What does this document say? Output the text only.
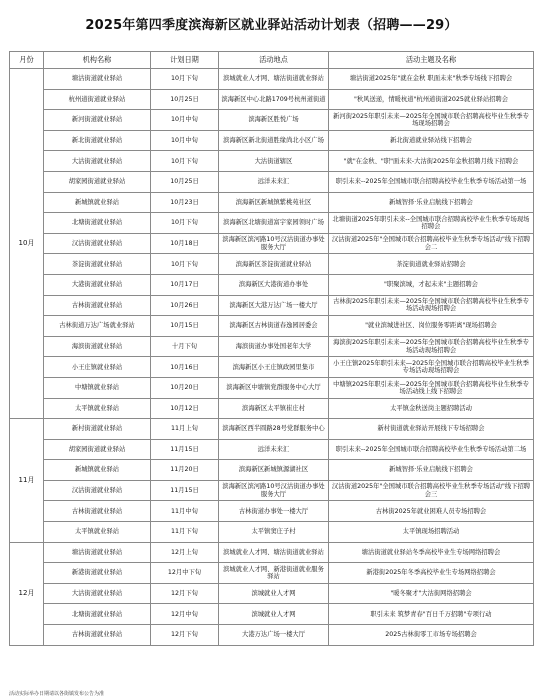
2025年第四季度滨海新区就业驿站活动计划表（招聘——29）
月份	机构名称	计划日期	活动地点	活动主题及名称
10月	塘沽街道就业驿站	10月下旬	滨城就业人才网、塘沽街道就业驿站	塘沽街道2025年"就在金秋 职面未来"秋季专场线下招聘会
	杭州道街道就业驿站	10月25日	滨海新区中心北路1709号杭州道街道	"秋风送递，情暖杭道"杭州道街道2025就业驿站招聘会
	新河街道就业驿站	10月中旬	滨海新区胜悦广场	新河街2025年职引未来—2025年全国城市联合招聘高校毕业生秋季专场现场招聘会
	新北街道就业驿站	10月中旬	滨海新区新北街道胜缘尚北小区广场	新北街道就业驿站线下招聘会
	大沽街道就业驿站	10月下旬	大沽街道辖区	"就"在金秋、"职"面未来-大沽街2025年金秋招聘月线下招聘会
	胡家园街道就业驿站	10月25日	远洋未来汇	职引未来--2025年全国城市联合招聘高校毕业生秋季专场活动第一场
	新城镇就业驿站	10月23日	滨海新区新城镇紫桃苑社区	新城智择·乐业启航线下招聘会
	北塘街道就业驿站	10月下旬	滨海新区北塘街道富宇家园领时广场	北塘街道2025年职引未来--全国城市联合招聘高校毕业生秋季专场现场招聘会
	汉沽街道就业驿站	10月18日	滨海新区滨河路10号汉沽街道办事处服务大厅	汉沽街道2025年"全国城市联合招聘高校毕业生秋季专场活动"线下招聘会二
	茶淀街道就业驿站	10月下旬	滨海新区茶淀街道就业驿站	茶淀街道就业驿站招聘会
	大港街道就业驿站	10月17日	滨海新区大港街道办事处	"职聚滨城，才起未来"主题招聘会
	古林街道就业驿站	10月26日	滨海新区大港万达广场一楼大厅	古林街2025年职引未来—2025年全国城市联合招聘高校毕业生秋季专场活动现场招聘会
	古林街道万达广场就业驿站	10月15日	滨海新区古林街道春逸园居委会	"就业滨城进社区、岗位服务零距离"现场招聘会
	海滨街道就业驿站	十月下旬	海滨街道办事处国老年大学	海滨街2025年职引未来—2025年全国城市联合招聘高校毕业生秋季专场活动现场招聘会
	小王庄镇就业驿站	10月16日	滨海新区小王庄镇政园里集市	小王庄镇2025年职引未来—2025年全国城市联合招聘高校毕业生秋季专场活动现场招聘会
	中塘镇就业驿站	10月20日	滨海新区中塘镇党群服务中心大厅	中塘镇2025年职引未来—2025年全国城市联合招聘高校毕业生秋季专场活动线上线下招聘会
	太平镇就业驿站	10月12日	滨海新区太平镇崔庄村	太平镇金秋送岗主题招聘活动
11月	新村街道就业驿站	11月上旬	滨海新区西半圆路28号党群服务中心	新村街道就业驿站开展线下专场招聘会
	胡家园街道就业驿站	11月15日	远洋未来汇	职引未来--2025年全国城市联合招聘高校毕业生秋季专场活动第二场
	新城镇就业驿站	11月20日	滨海新区新城镇源湖社区	新城智择·乐业启航线下招聘会
	汉沽街道就业驿站	11月15日	滨海新区滨河路10号汉沽街道办事处服务大厅	汉沽街道2025年"全国城市联合招聘高校毕业生秋季专场活动"线下招聘会三
	古林街道就业驿站	11月中旬	古林街道办事处一楼大厅	古林街2025年就业困难人员专场招聘会
	太平镇就业驿站	11月下旬	太平镇窦庄子村	太平镇现场招聘活动
12月	塘沽街道就业驿站	12月上旬	滨城就业人才网、塘沽街道就业驿站	塘沽街道就业驿站冬季高校毕业生专场网络招聘会
	新港街道就业驿站	12月中下旬	滨城就业人才网、新港街道就业服务驿站	新港街2025年冬季高校毕业生专场网络招聘会
	大沽街道就业驿站	12月下旬	滨城就业人才网	"暖冬聚才"大沽街网络招聘会
	北塘街道就业驿站	12月中旬	滨城就业人才网	职引未来 筑梦青春"百日千万招聘"专项行动
	古林街道就业驿站	12月下旬	大港万达广场一楼大厅	2025古林街零工市场专场招聘会
活动实际举办日期请以各街镇发布公告为准
